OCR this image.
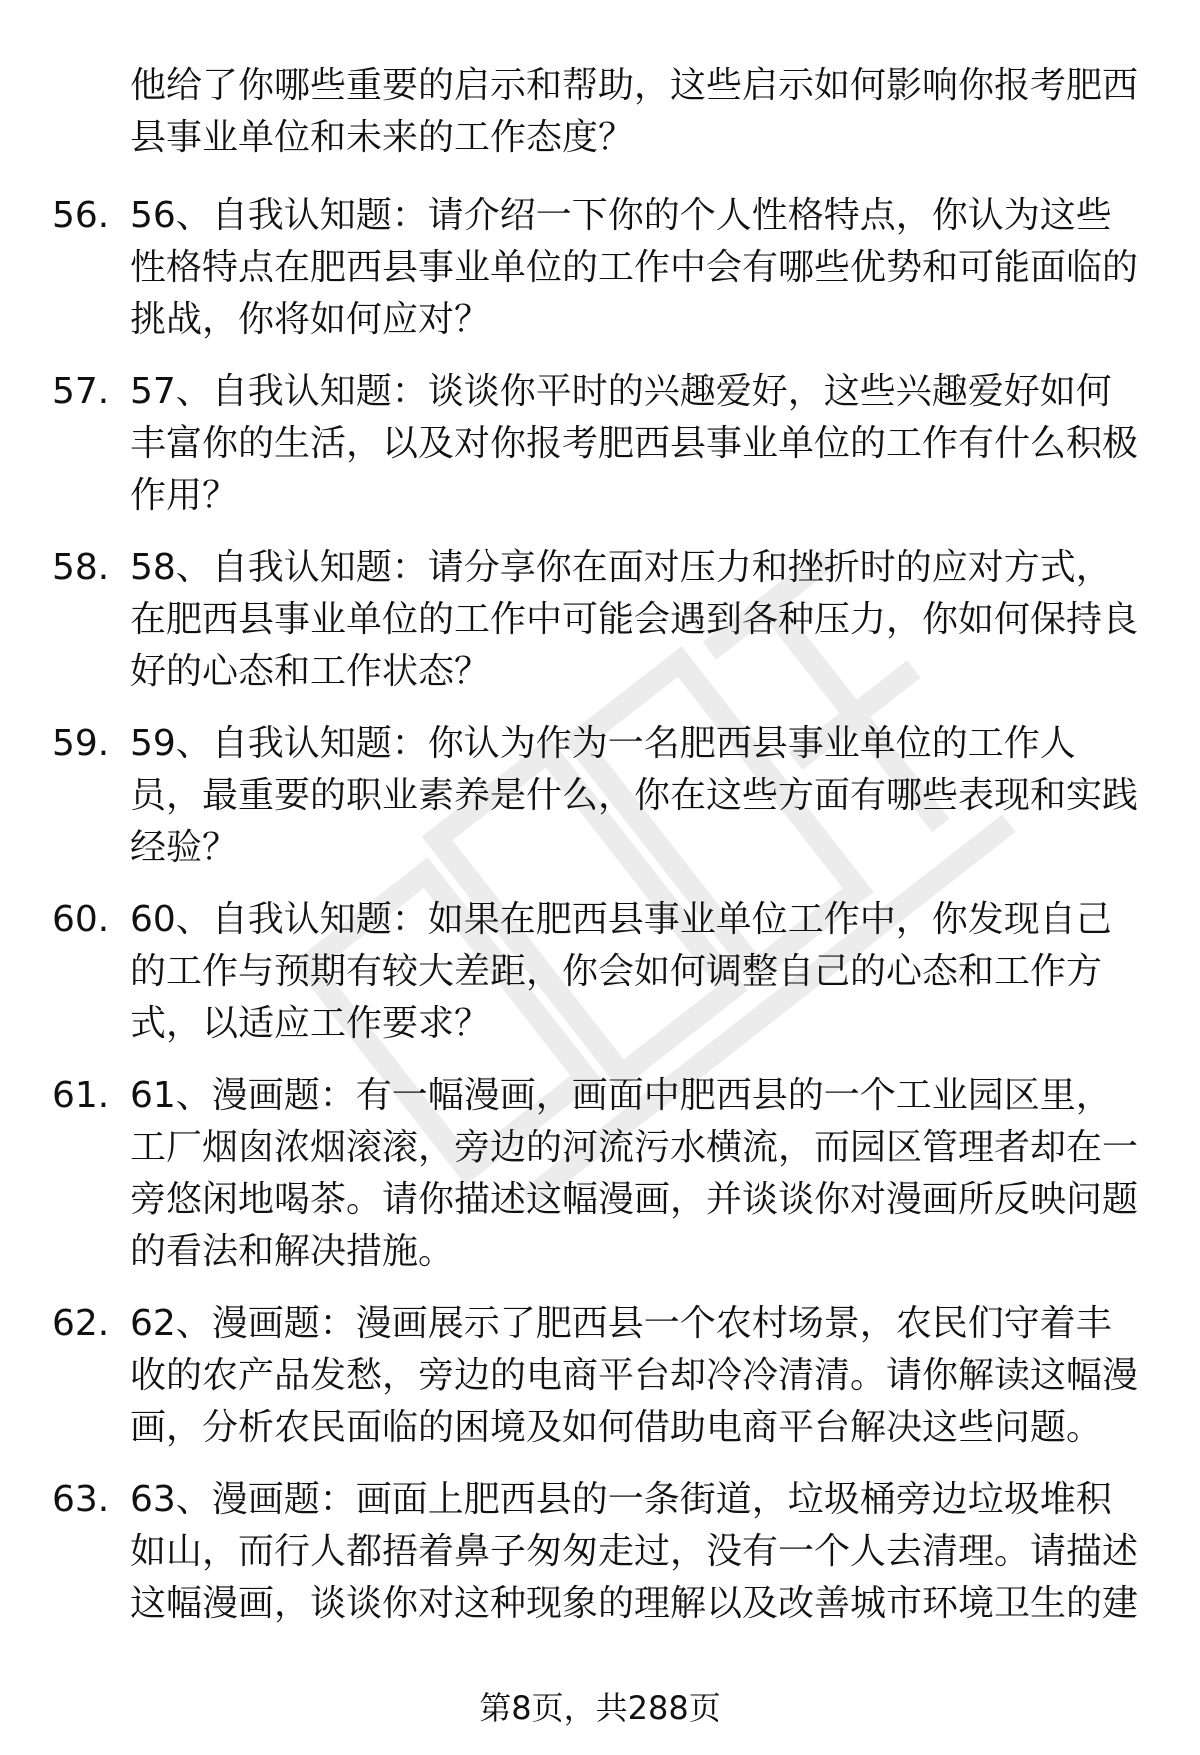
他给了你哪些重要的启示和帮助，这些启示如何影响你报考肥西县事业单位和未来的工作态度？
56. 56、自我认知题：请介绍一下你的个人性格特点，你认为这些性格特点在肥西县事业单位的工作中会有哪些优势和可能面临的挑战，你将如何应对？
57. 57、自我认知题：谈谈你平时的兴趣爱好，这些兴趣爱好如何丰富你的生活，以及对你报考肥西县事业单位的工作有什么积极作用？
58. 58、自我认知题：请分享你在面对压力和挫折时的应对方式，在肥西县事业单位的工作中可能会遇到各种压力，你如何保持良好的心态和工作状态？
59. 59、自我认知题：你认为作为一名肥西县事业单位的工作人员，最重要的职业素养是什么，你在这些方面有哪些表现和实践经验？
60. 60、自我认知题：如果在肥西县事业单位工作中，你发现自己的工作与预期有较大差距，你会如何调整自己的心态和工作方式，以适应工作要求？
61. 61、漫画题：有一幅漫画，画面中肥西县的一个工业园区里，工厂烟囱浓烟滚滚，旁边的河流污水横流，而园区管理者却在一旁悠闲地喝茶。请你描述这幅漫画，并谈谈你对漫画所反映问题的看法和解决措施。
62. 62、漫画题：漫画展示了肥西县一个农村场景，农民们守着丰收的农产品发愁，旁边的电商平台却冷冷清清。请你解读这幅漫画，分析农民面临的困境及如何借助电商平台解决这些问题。
63. 63、漫画题：画面上肥西县的一条街道，垃圾桶旁边垃圾堆积如山，而行人都捂着鼻子匆匆走过，没有一个人去清理。请描述这幅漫画，谈谈你对这种现象的理解以及改善城市环境卫生的建
第8页，共288页
